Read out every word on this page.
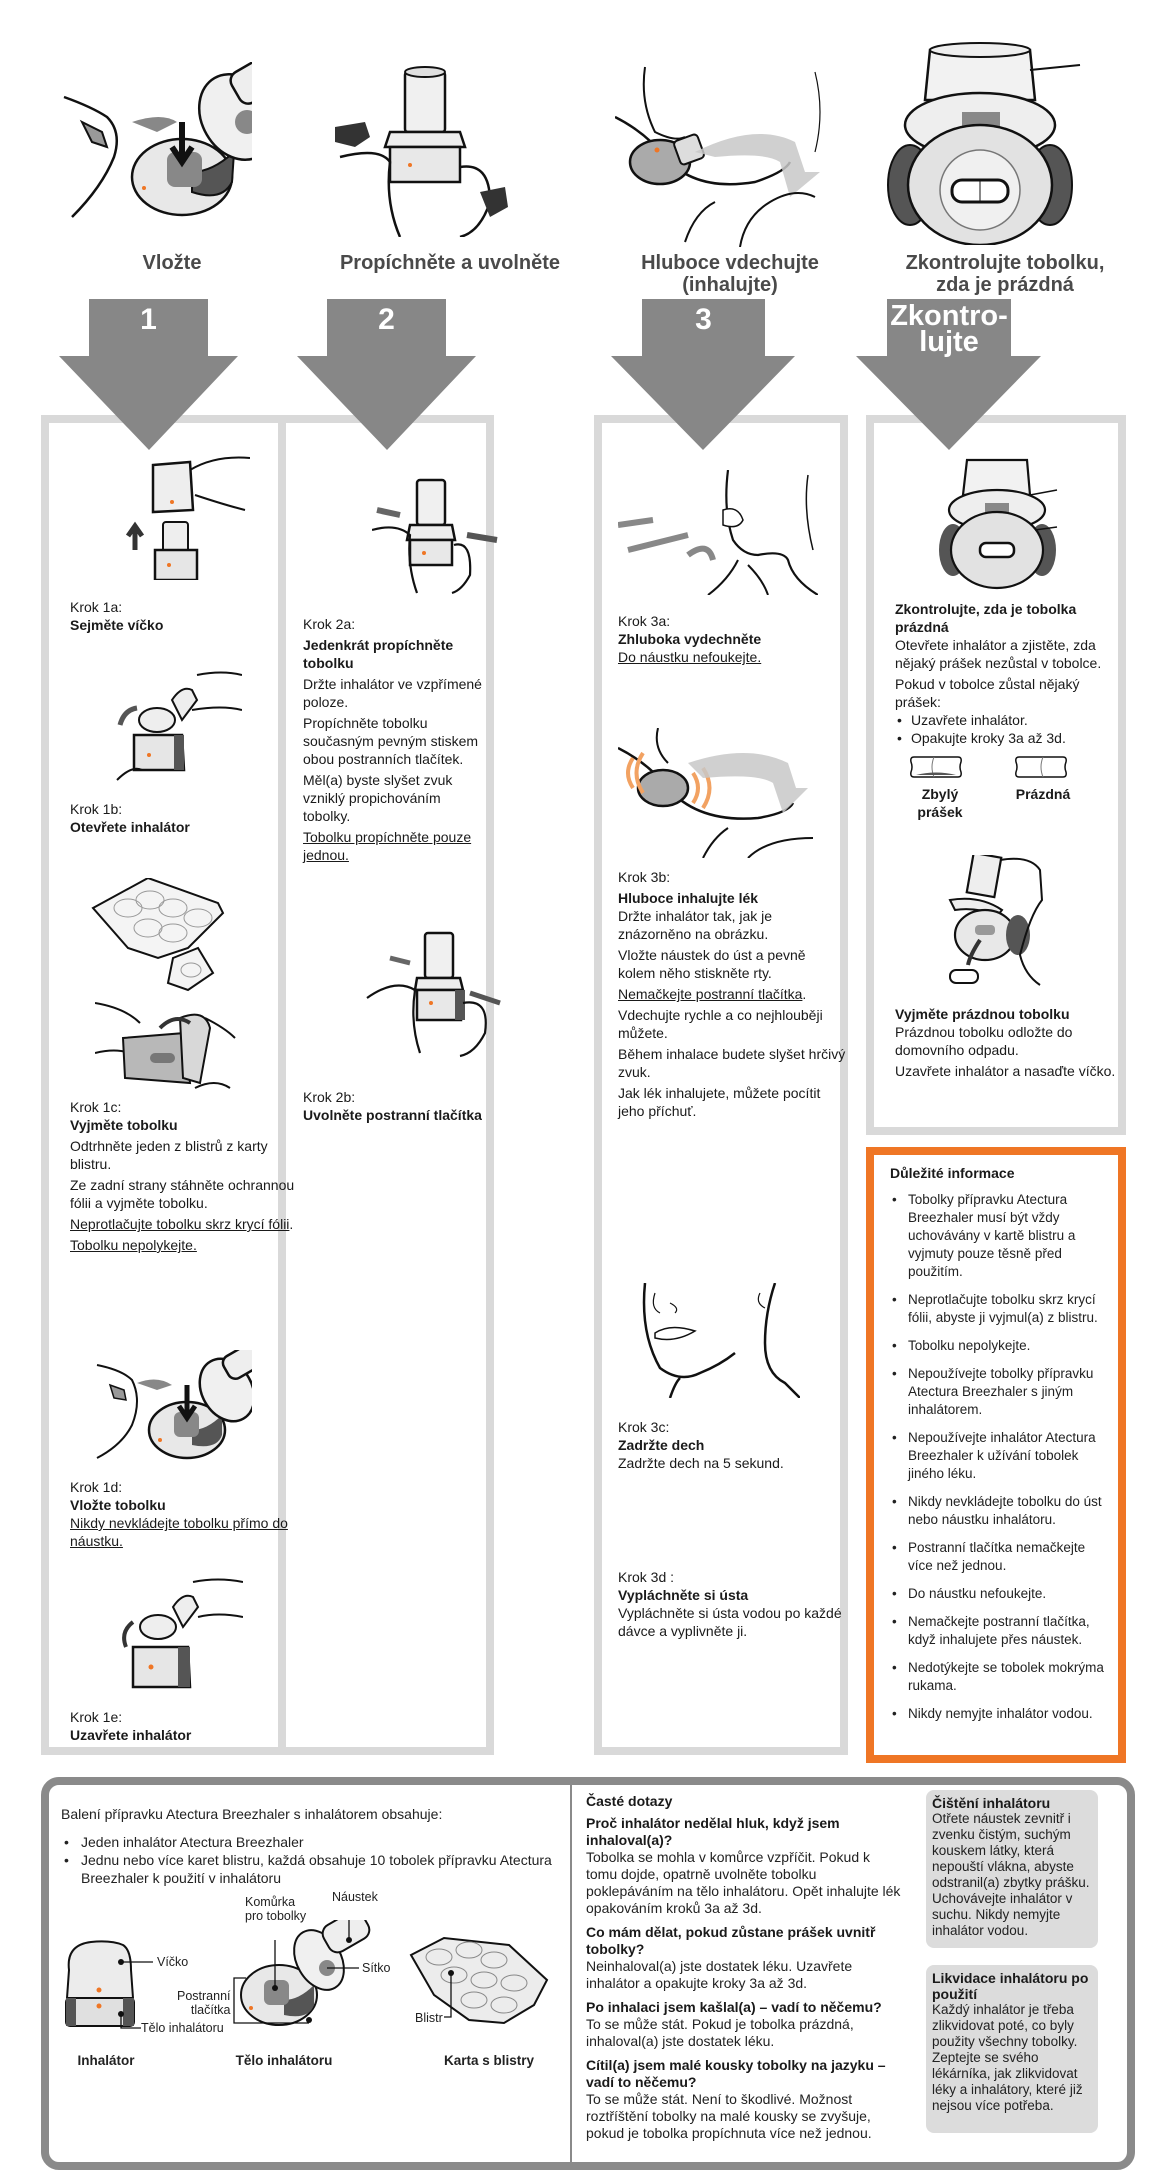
Vložte	Propíchněte a uvolněte	Hluboce vdechujte
(inhalujte)
Zkontrolujte tobolku,
zda je prázdná
1	2	3	Zkontro-
lujte
Krok 1a:
Sejměte víčko
Krok 1b:
Otevřete inhalátor
Krok 1c:
Vyjměte tobolku

Odtrhněte jeden z blistrů z karty blistru.

Ze zadní strany stáhněte ochrannou fólii a vyjměte tobolku.

Neprotlačujte tobolku skrz krycí fólii.

Tobolku nepolykejte.

Krok 1d:
Vložte tobolku
Nikdy nevkládejte tobolku přímo do náustku.
Krok 1e:
Uzavřete inhalátor
Krok 2a:
Jedenkrát propíchněte tobolku

Držte inhalátor ve vzpřímené poloze.

Propíchněte tobolku současným pevným stiskem obou postranních tlačítek.

Měl(a) byste slyšet zvuk vzniklý propichováním tobolky.

Tobolku propíchněte pouze jednou.

Krok 2b:
Uvolněte postranní tlačítka
Krok 3a:
Zhluboka vydechněte
Do náustku nefoukejte.
Krok 3b:
Hluboce inhalujte lék

Držte inhalátor tak, jak je znázorněno na obrázku.

Vložte náustek do úst a pevně kolem něho stiskněte rty.

Nemačkejte postranní tlačítka.

Vdechujte rychle a co nejhlouběji můžete.

Během inhalace budete slyšet hrčivý zvuk.

Jak lék inhalujete, můžete pocítit jeho příchuť.

Krok 3c:
Zadržte dech
Zadržte dech na 5 sekund.
Krok 3d :
Vypláchněte si ústa
Vypláchněte si ústa vodou po každé dávce a vyplivněte ji.
Zkontrolujte, zda je tobolka prázdná
Otevřete inhalátor a zjistěte, zda nějaký prášek nezůstal v tobolce.

Pokud v tobolce zůstal nějaký prášek:

• Uzavřete inhalátor.
• Opakujte kroky 3a až 3d.
Zbylý prášek
Prázdná
Vyjměte prázdnou tobolku
Prázdnou tobolku odložte do domovního odpadu.

Uzavřete inhalátor a nasaďte víčko.

Důležité informace
• Tobolky přípravku Atectura Breezhaler musí být vždy uchovávány v kartě blistru a vyjmuty pouze těsně před použitím.
• Neprotlačujte tobolku skrz krycí fólii, abyste ji vyjmul(a) z blistru.
• Tobolku nepolykejte.
• Nepoužívejte tobolky přípravku Atectura Breezhaler s jiným inhalátorem.
• Nepoužívejte inhalátor Atectura Breezhaler k užívání tobolek jiného léku.
• Nikdy nevkládejte tobolku do úst nebo náustku inhalátoru.
• Postranní tlačítka nemačkejte více než jednou.
• Do náustku nefoukejte.
• Nemačkejte postranní tlačítka, když inhalujete přes náustek.
• Nedotýkejte se tobolek mokrýma rukama.
• Nikdy nemyjte inhalátor vodou.
Balení přípravku Atectura Breezhaler s inhalátorem obsahuje:
• Jeden inhalátor Atectura Breezhaler
• Jednu nebo více karet blistru, každá obsahuje 10 tobolek přípravku Atectura Breezhaler k použití v inhalátoru
Víčko
Tělo inhalátoru
Komůrka
pro tobolky
Náustek
Sítko
Postranní
tlačítka
Blistr
Inhalátor	Tělo inhalátoru	Karta s blistry
Časté dotazy
Proč inhalátor nedělal hluk, když jsem inhaloval(a)?
Tobolka se mohla v komůrce vzpříčit. Pokud k tomu dojde, opatrně uvolněte tobolku poklepáváním na tělo inhalátoru. Opět inhalujte lék opakováním kroků 3a až 3d.
Co mám dělat, pokud zůstane prášek uvnitř tobolky?
Neinhaloval(a) jste dostatek léku. Uzavřete inhalátor a opakujte kroky 3a až 3d.
Po inhalaci jsem kašlal(a) – vadí to něčemu?
To se může stát. Pokud je tobolka prázdná, inhaloval(a) jste dostatek léku.
Cítil(a) jsem malé kousky tobolky na jazyku – vadí to něčemu?
To se může stát. Není to škodlivé. Možnost roztříštění tobolky na malé kousky se zvyšuje, pokud je tobolka propíchnuta více než jednou.
Čištění inhalátoru

Otřete náustek zevnitř i zvenku čistým, suchým kouskem látky, která nepouští vlákna, abyste odstranil(a) zbytky prášku. Uchovávejte inhalátor v suchu. Nikdy nemyjte inhalátor vodou.

Likvidace inhalátoru po použití

Každý inhalátor je třeba zlikvidovat poté, co byly použity všechny tobolky. Zeptejte se svého lékárníka, jak zlikvidovat léky a inhalátory, které již nejsou více potřeba.
